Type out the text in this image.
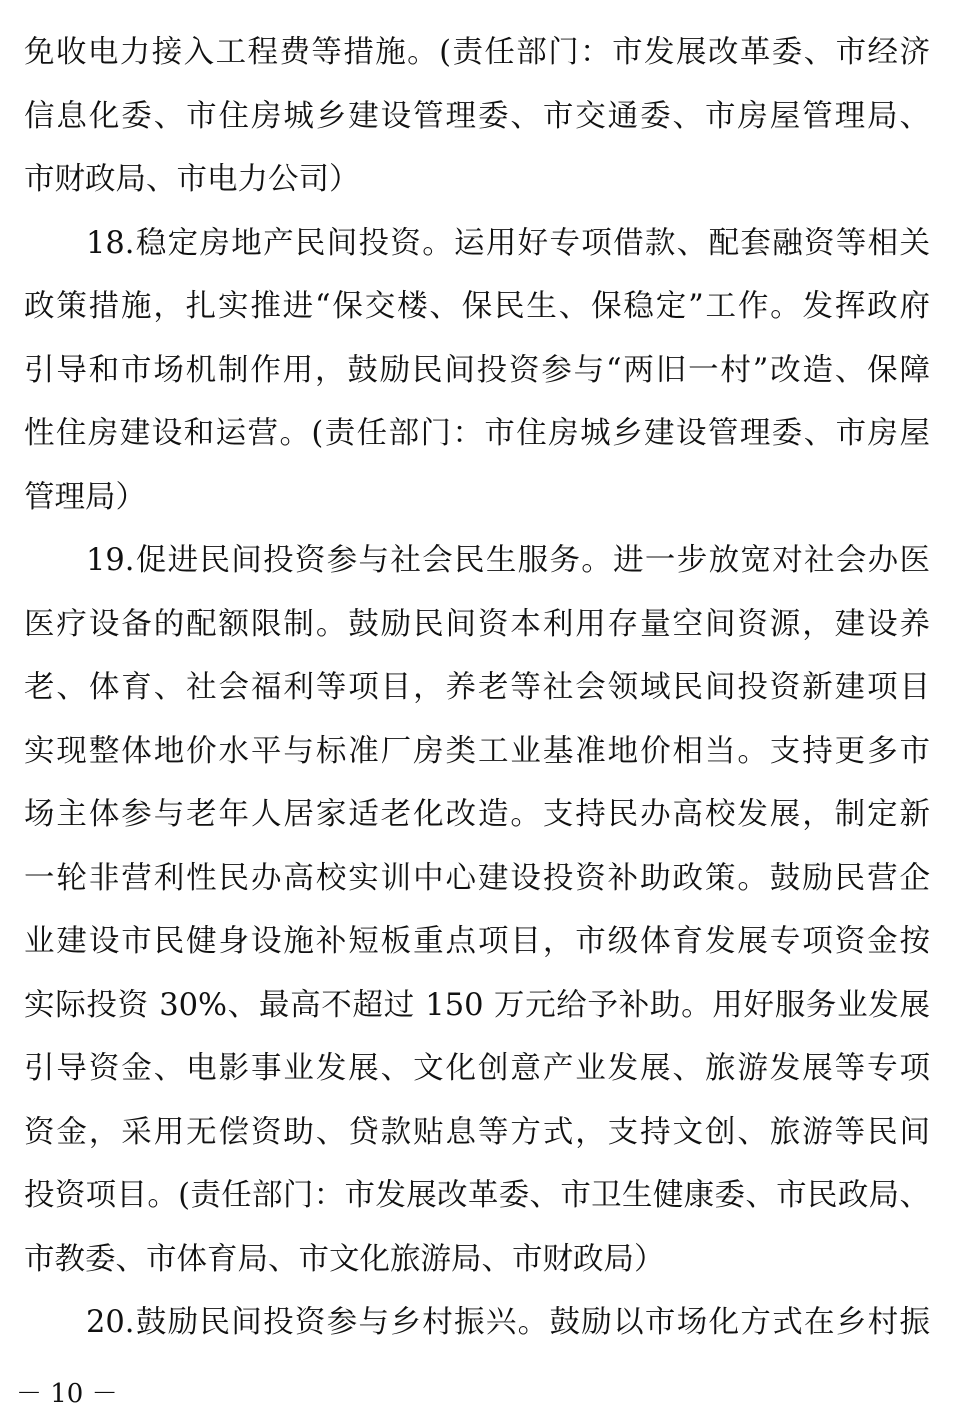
免收电力接入工程费等措施。(责任部门：市发展改革委、市经济
信息化委、市住房城乡建设管理委、市交通委、市房屋管理局、
市财政局、市电力公司）
18.稳定房地产民间投资。运用好专项借款、配套融资等相关
政策措施，扎实推进“保交楼、保民生、保稳定”工作。发挥政府
引导和市场机制作用，鼓励民间投资参与“两旧一村”改造、保障
性住房建设和运营。(责任部门：市住房城乡建设管理委、市房屋
管理局）
19.促进民间投资参与社会民生服务。进一步放宽对社会办医
医疗设备的配额限制。鼓励民间资本利用存量空间资源，建设养
老、体育、社会福利等项目，养老等社会领域民间投资新建项目
实现整体地价水平与标准厂房类工业基准地价相当。支持更多市
场主体参与老年人居家适老化改造。支持民办高校发展，制定新
一轮非营利性民办高校实训中心建设投资补助政策。鼓励民营企
业建设市民健身设施补短板重点项目，市级体育发展专项资金按
实际投资 30%、最高不超过 150 万元给予补助。用好服务业发展
引导资金、电影事业发展、文化创意产业发展、旅游发展等专项
资金，采用无偿资助、贷款贴息等方式，支持文创、旅游等民间
投资项目。(责任部门：市发展改革委、市卫生健康委、市民政局、
市教委、市体育局、市文化旅游局、市财政局）
20.鼓励民间投资参与乡村振兴。鼓励以市场化方式在乡村振
－ 10 －
